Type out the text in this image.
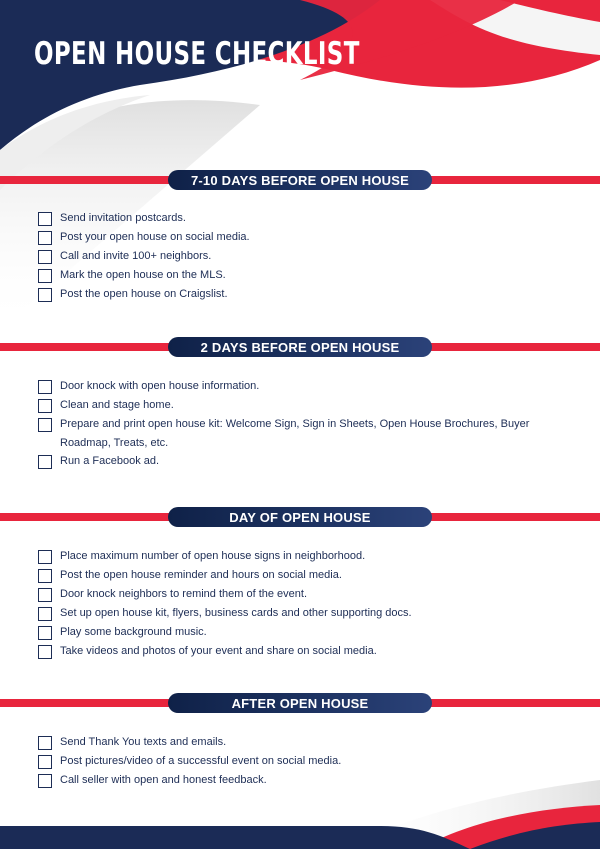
OPEN HOUSE CHECKLIST
7-10 DAYS BEFORE OPEN HOUSE
Send invitation postcards.
Post your open house on social media.
Call and invite 100+ neighbors.
Mark the open house on the MLS.
Post the open house on Craigslist.
2 DAYS BEFORE OPEN HOUSE
Door knock with open house information.
Clean and stage home.
Prepare and print open house kit: Welcome Sign, Sign in Sheets, Open House Brochures, Buyer Roadmap, Treats, etc.
Run a Facebook ad.
DAY OF OPEN HOUSE
Place maximum number of open house signs in neighborhood.
Post the open house reminder and hours on social media.
Door knock neighbors to remind them of the event.
Set up open house kit, flyers, business cards and other supporting docs.
Play some background music.
Take videos and photos of your event and share on social media.
AFTER OPEN HOUSE
Send Thank You texts and emails.
Post pictures/video of a successful event on social media.
Call seller with open and honest feedback.
